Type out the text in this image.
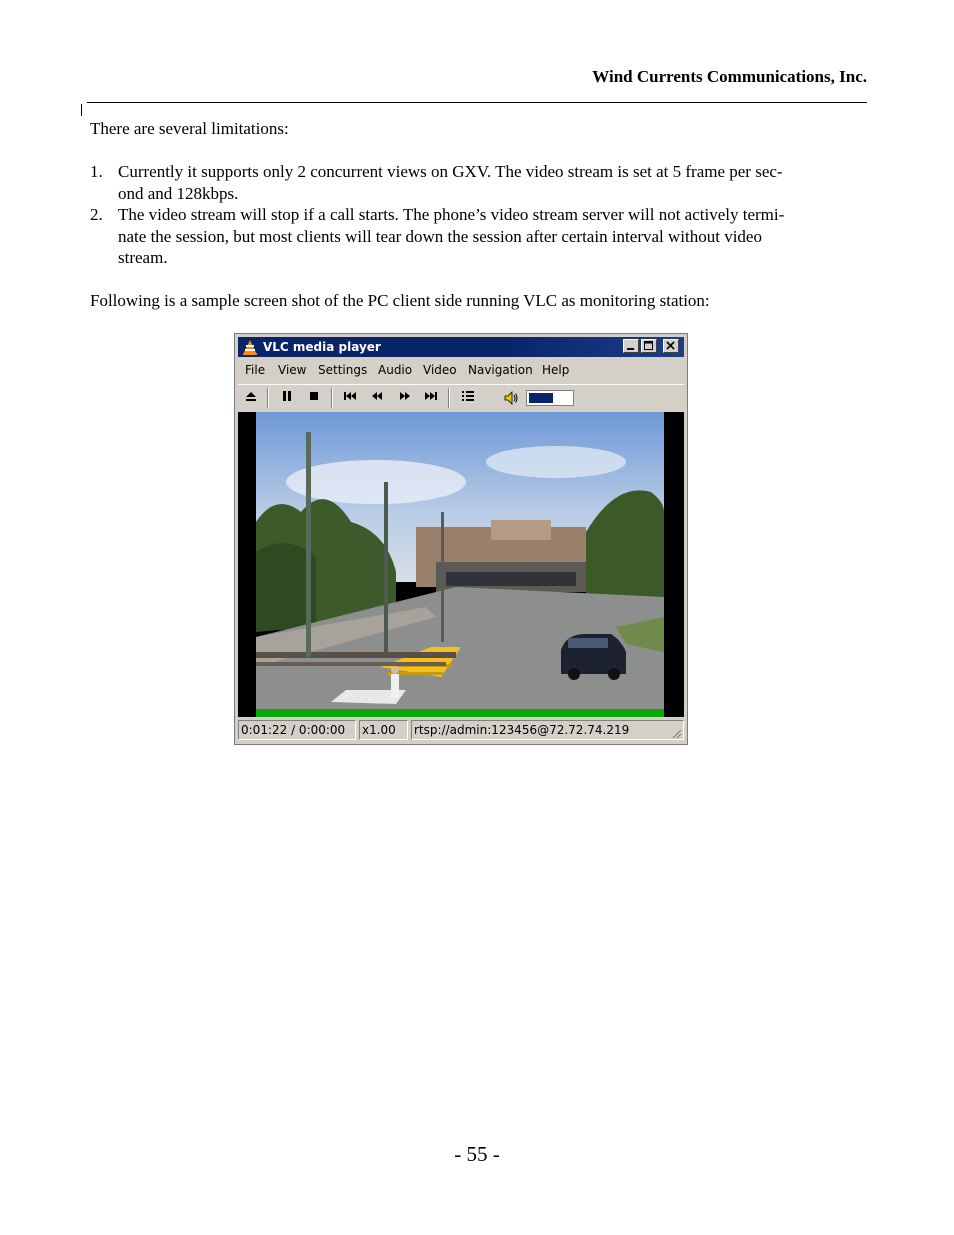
Wind Currents Communications, Inc.
There are several limitations:
1. Currently it supports only 2 concurrent views on GXV. The video stream is set at 5 frame per sec-
ond and 128kbps.
2. The video stream will stop if a call starts. The phone’s video stream server will not actively termi-
nate the session, but most clients will tear down the session after certain interval without video
stream.
Following is a sample screen shot of the PC client side running VLC as monitoring station:
VLC media player
File View Settings Audio Video Navigation Help
0:01:22 / 0:00:00	x1.00	rtsp://admin:123456@72.72.74.219
- 55 -
